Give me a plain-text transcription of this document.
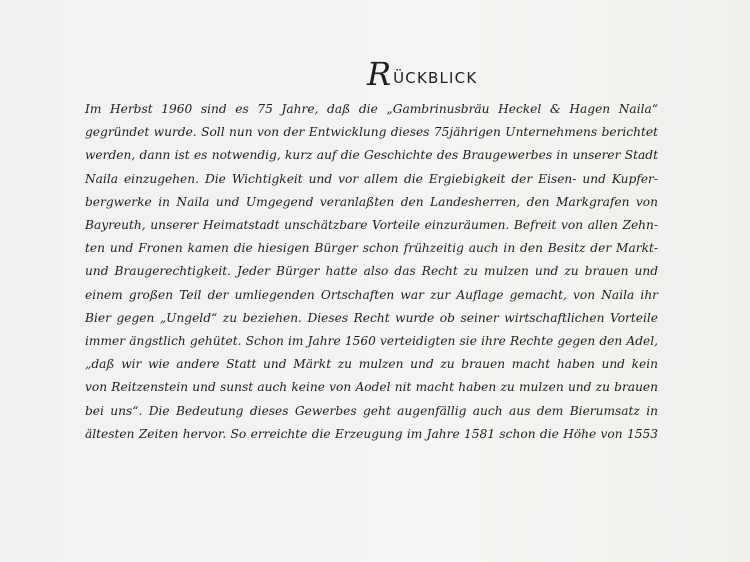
R ÜCKBLICK
Im Herbst 1960 sind es 75 Jahre, daß die „Gambrinusbräu Heckel & Hagen Naila“
gegründet wurde. Soll nun von der Entwicklung dieses 75jährigen Unternehmens berichtet
werden, dann ist es notwendig, kurz auf die Geschichte des Braugewerbes in unserer Stadt
Naila einzugehen. Die Wichtigkeit und vor allem die Ergiebigkeit der Eisen- und Kupfer-
bergwerke in Naila und Umgegend veranlaßten den Landesherren, den Markgrafen von
Bayreuth, unserer Heimatstadt unschätzbare Vorteile einzuräumen. Befreit von allen Zehn-
ten und Fronen kamen die hiesigen Bürger schon frühzeitig auch in den Besitz der Markt-
und Braugerechtigkeit. Jeder Bürger hatte also das Recht zu mulzen und zu brauen und
einem großen Teil der umliegenden Ortschaften war zur Auflage gemacht, von Naila ihr
Bier gegen „Ungeld“ zu beziehen. Dieses Recht wurde ob seiner wirtschaftlichen Vorteile
immer ängstlich gehütet. Schon im Jahre 1560 verteidigten sie ihre Rechte gegen den Adel,
„daß wir wie andere Statt und Märkt zu mulzen und zu brauen macht haben und kein
von Reitzenstein und sunst auch keine von Aodel nit macht haben zu mulzen und zu brauen
bei uns“. Die Bedeutung dieses Gewerbes geht augenfällig auch aus dem Bierumsatz in
ältesten Zeiten hervor. So erreichte die Erzeugung im Jahre 1581 schon die Höhe von 1553
